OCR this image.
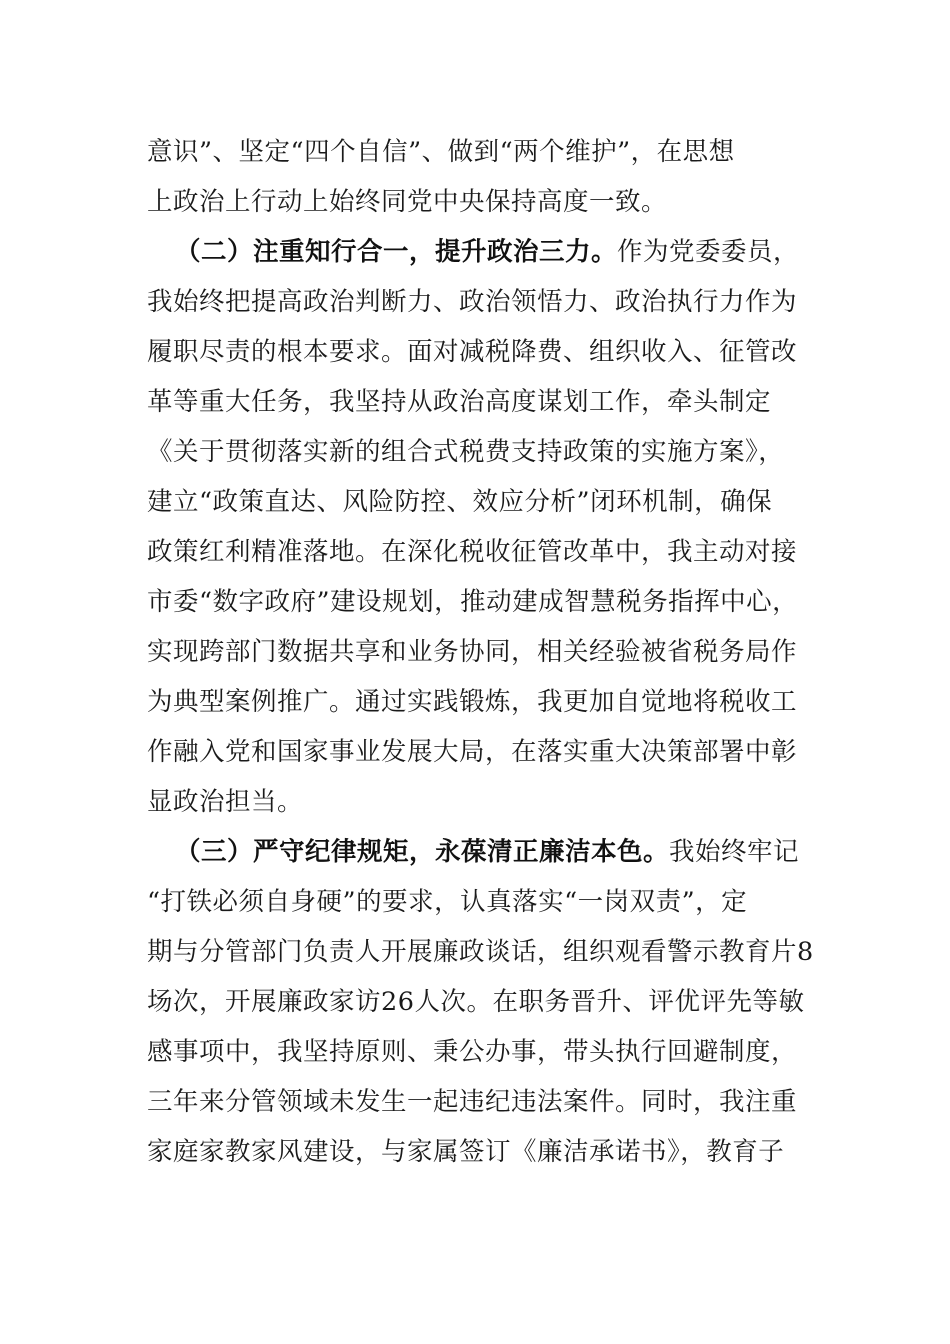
意识”、坚定“四个自信”、做到“两个维护”，在思想
上政治上行动上始终同党中央保持高度一致。
（二）注重知行合一，提升政治三力。作为党委委员，
我始终把提高政治判断力、政治领悟力、政治执行力作为
履职尽责的根本要求。面对减税降费、组织收入、征管改
革等重大任务，我坚持从政治高度谋划工作，牵头制定
《关于贯彻落实新的组合式税费支持政策的实施方案》，
建立“政策直达、风险防控、效应分析”闭环机制，确保
政策红利精准落地。在深化税收征管改革中，我主动对接
市委“数字政府”建设规划，推动建成智慧税务指挥中心，
实现跨部门数据共享和业务协同，相关经验被省税务局作
为典型案例推广。通过实践锻炼，我更加自觉地将税收工
作融入党和国家事业发展大局，在落实重大决策部署中彰
显政治担当。
（三）严守纪律规矩，永葆清正廉洁本色。我始终牢记
“打铁必须自身硬”的要求，认真落实“一岗双责”，定
期与分管部门负责人开展廉政谈话，组织观看警示教育片8
场次，开展廉政家访26人次。在职务晋升、评优评先等敏
感事项中，我坚持原则、秉公办事，带头执行回避制度，
三年来分管领域未发生一起违纪违法案件。同时，我注重
家庭家教家风建设，与家属签订《廉洁承诺书》，教育子
